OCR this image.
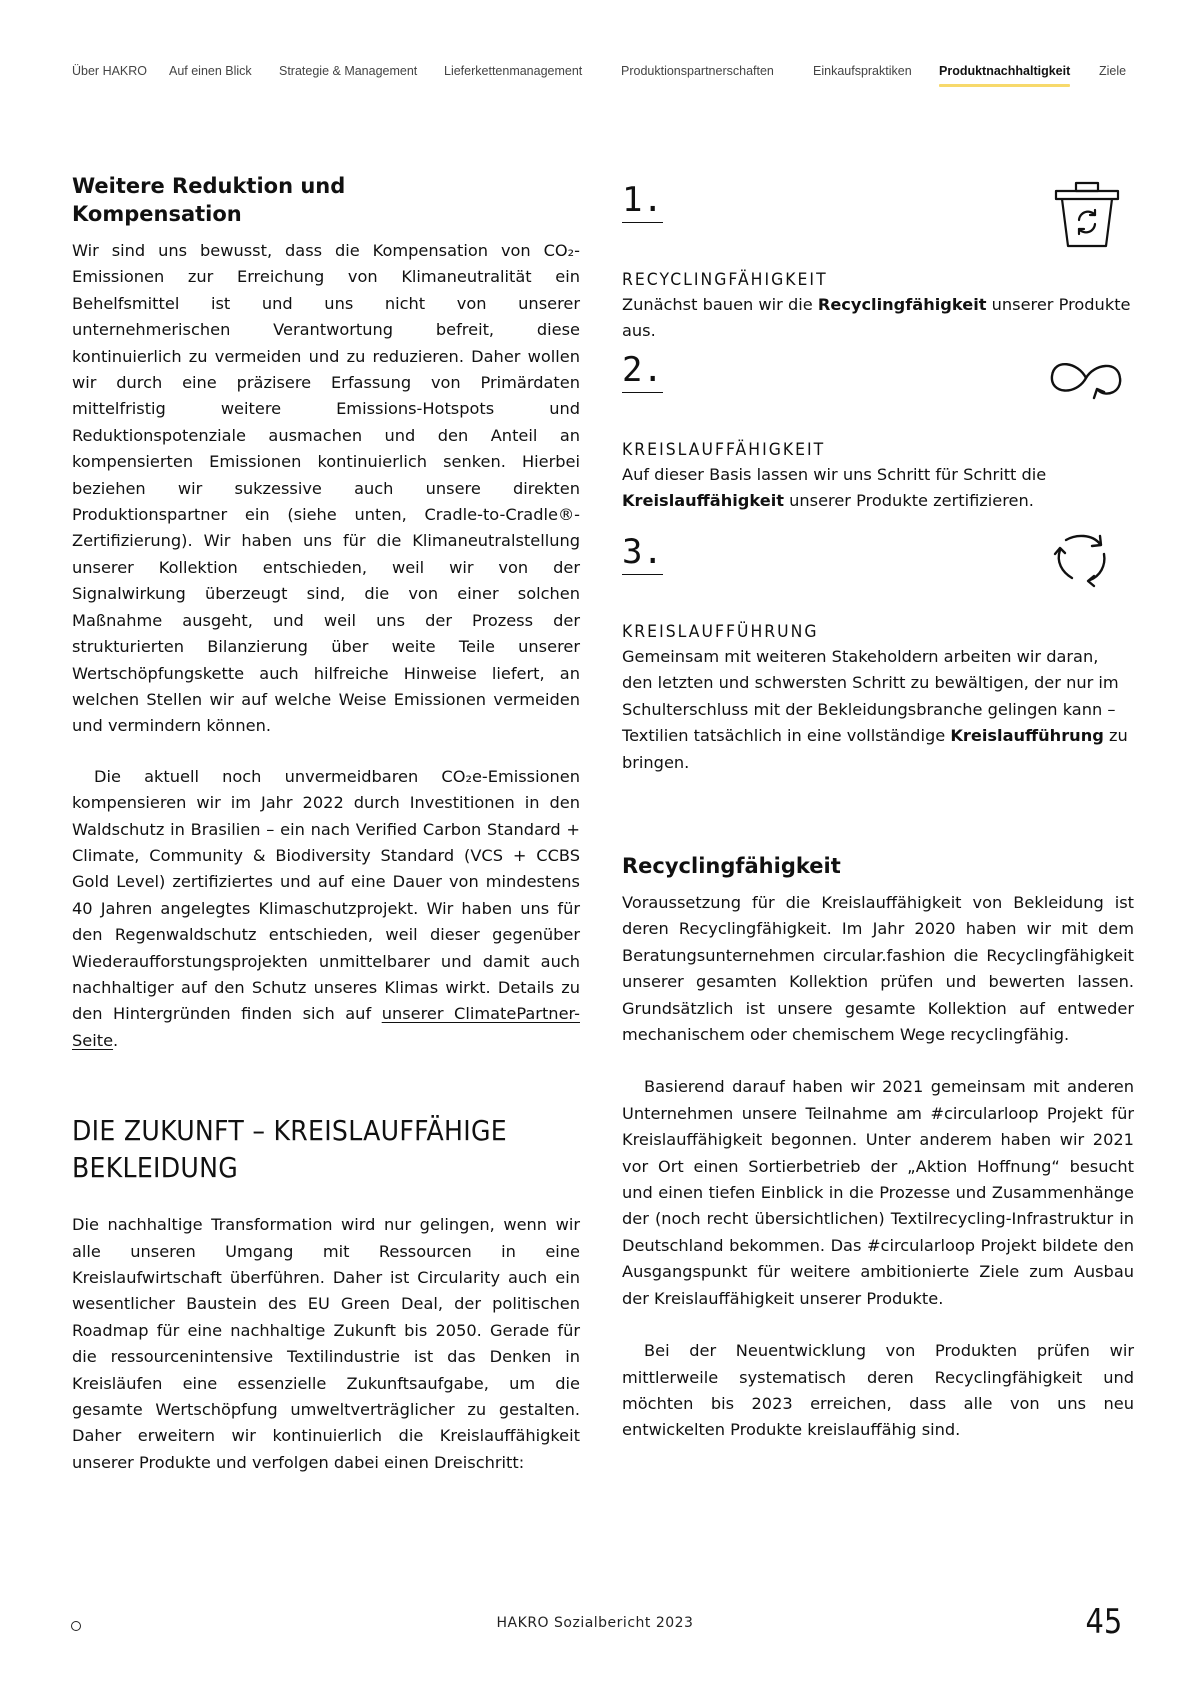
Über HAKRO Auf einen Blick Strategie & Management Lieferkettenmanagement	Produktionspartnerschaften	Einkaufspraktiken Produktnachhaltigkeit Ziele
Weitere Reduktion und Kompensation

Wir sind uns bewusst, dass die Kompensation von CO₂-Emissionen zur Erreichung von Klimaneutralität ein Behelfsmittel ist und uns nicht von unserer unternehmerischen Verantwortung befreit, diese kontinuierlich zu vermeiden und zu reduzieren. Daher wollen wir durch eine präzisere Erfassung von Primärdaten mittelfristig weitere Emissions-Hotspots und Reduktionspotenziale ausmachen und den Anteil an kompensierten Emissionen kontinuierlich senken. Hierbei beziehen wir sukzessive auch unsere direkten Produktionspartner ein (siehe unten, Cradle-to-Cradle®-Zertifizierung). Wir haben uns für die Klimaneutralstellung unserer Kollektion entschieden, weil wir von der Signalwirkung überzeugt sind, die von einer solchen Maßnahme ausgeht, und weil uns der Prozess der strukturierten Bilanzierung über weite Teile unserer Wertschöpfungskette auch hilfreiche Hinweise liefert, an welchen Stellen wir auf welche Weise Emissionen vermeiden und vermindern können.

Die aktuell noch unvermeidbaren CO₂e-Emissionen kompensieren wir im Jahr 2022 durch Investitionen in den Waldschutz in Brasilien – ein nach Verified Carbon Standard + Climate, Community & Biodiversity Standard (VCS + CCBS Gold Level) zertifiziertes und auf eine Dauer von mindestens 40 Jahren angelegtes Klimaschutzprojekt. Wir haben uns für den Regenwaldschutz entschieden, weil dieser gegenüber Wiederaufforstungsprojekten unmittelbarer und damit auch nachhaltiger auf den Schutz unseres Klimas wirkt. Details zu den Hintergründen finden sich auf unserer ClimatePartner-Seite.

DIE ZUKUNFT – KREISLAUFFÄHIGE BEKLEIDUNG

Die nachhaltige Transformation wird nur gelingen, wenn wir alle unseren Umgang mit Ressourcen in eine Kreislaufwirtschaft überführen. Daher ist Circularity auch ein wesentlicher Baustein des EU Green Deal, der politischen Roadmap für eine nachhaltige Zukunft bis 2050. Gerade für die ressourcenintensive Textilindustrie ist das Denken in Kreisläufen eine essenzielle Zukunftsaufgabe, um die gesamte Wertschöpfung umweltverträglicher zu gestalten. Daher erweitern wir kontinuierlich die Kreislauffähigkeit unserer Produkte und verfolgen dabei einen Dreischritt:

1.
RECYCLINGFÄHIGKEIT
Zunächst bauen wir die Recyclingfähigkeit unserer Produkte aus.
2.
KREISLAUFFÄHIGKEIT
Auf dieser Basis lassen wir uns Schritt für Schritt die Kreislauffähigkeit unserer Produkte zertifizieren.
3.
KREISLAUFFÜHRUNG
Gemeinsam mit weiteren Stakeholdern arbeiten wir daran, den letzten und schwersten Schritt zu bewältigen, der nur im Schulterschluss mit der Bekleidungsbranche gelingen kann – Textilien tatsächlich in eine vollständige Kreislaufführung zu bringen.
Recyclingfähigkeit

Voraussetzung für die Kreislauffähigkeit von Bekleidung ist deren Recyclingfähigkeit. Im Jahr 2020 haben wir mit dem Beratungsunternehmen circular.fashion die Recyclingfähigkeit unserer gesamten Kollektion prüfen und bewerten lassen. Grundsätzlich ist unsere gesamte Kollektion auf entweder mechanischem oder chemischem Wege recyclingfähig.

Basierend darauf haben wir 2021 gemeinsam mit anderen Unternehmen unsere Teilnahme am #circularloop Projekt für Kreislauffähigkeit begonnen. Unter anderem haben wir 2021 vor Ort einen Sortierbetrieb der „Aktion Hoffnung“ besucht und einen tiefen Einblick in die Prozesse und Zusammenhänge der (noch recht übersichtlichen) Textilrecycling-Infrastruktur in Deutschland bekommen. Das #circularloop Projekt bildete den Ausgangspunkt für weitere ambitionierte Ziele zum Ausbau der Kreislauffähigkeit unserer Produkte.

Bei der Neuentwicklung von Produkten prüfen wir mittlerweile systematisch deren Recyclingfähigkeit und möchten bis 2023 erreichen, dass alle von uns neu entwickelten Produkte kreislauffähig sind.

HAKRO Sozialbericht 2023	45
